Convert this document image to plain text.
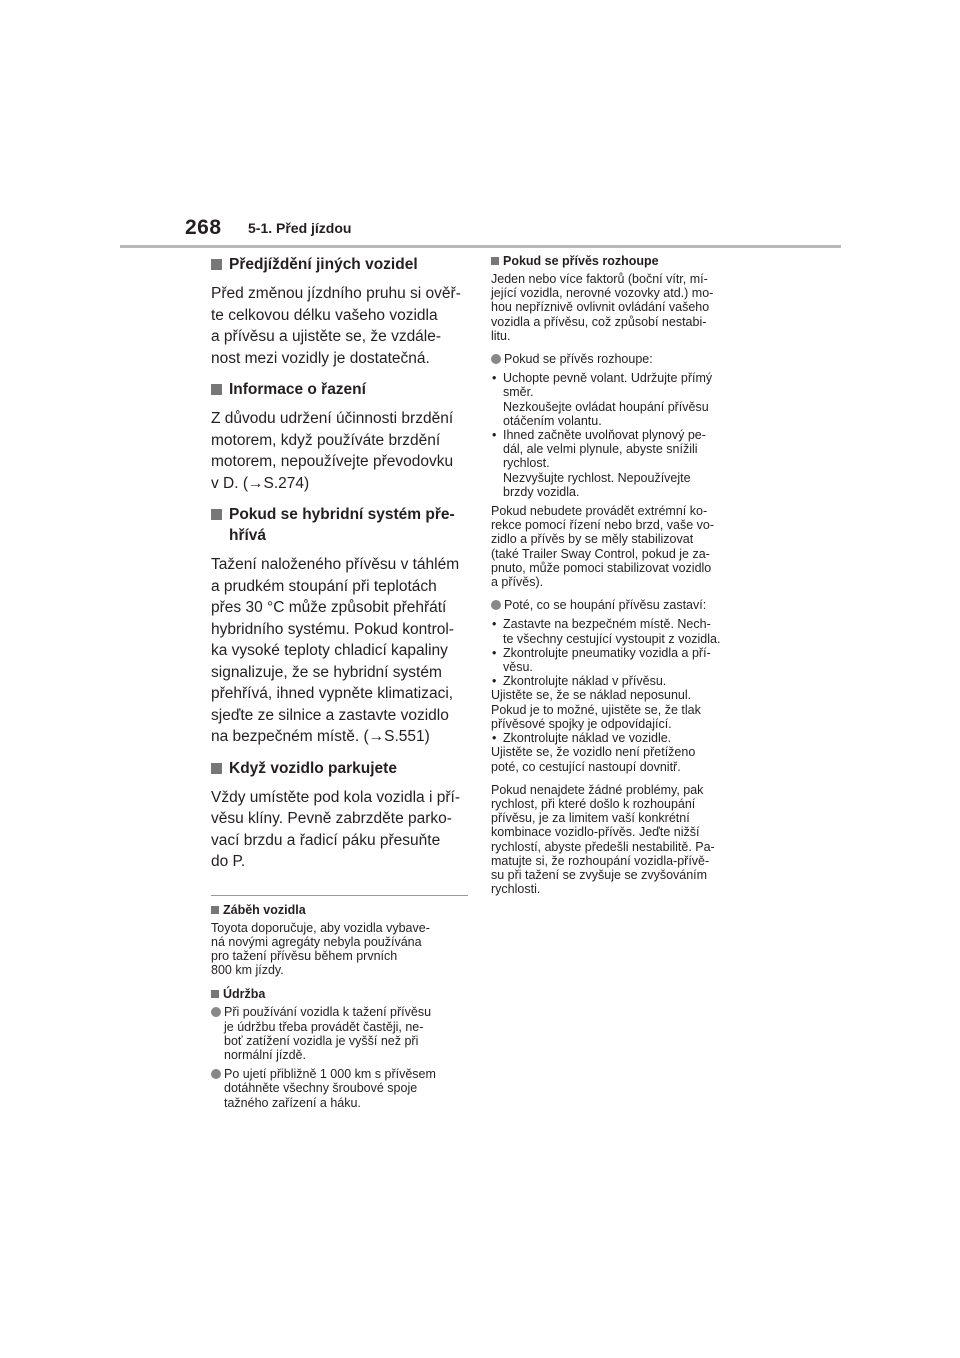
268 5-1. Před jízdou
Předjíždění jiných vozidel
Před změnou jízdního pruhu si ověř-
te celkovou délku vašeho vozidla
a přívěsu a ujistěte se, že vzdále-
nost mezi vozidly je dostatečná.
Informace o řazení
Z důvodu udržení účinnosti brzdění
motorem, když používáte brzdění
motorem, nepoužívejte převodovku
v D. (→S.274)
Pokud se hybridní systém pře-
hřívá
Tažení naloženého přívěsu v táhlém
a prudkém stoupání při teplotách
přes 30 °C může způsobit přehřátí
hybridního systému. Pokud kontrol-
ka vysoké teploty chladicí kapaliny
signalizuje, že se hybridní systém
přehřívá, ihned vypněte klimatizaci,
sjeďte ze silnice a zastavte vozidlo
na bezpečném místě. (→S.551)
Když vozidlo parkujete
Vždy umístěte pod kola vozidla i pří-
věsu klíny. Pevně zabrzděte parko-
vací brzdu a řadicí páku přesuňte
do P.
Záběh vozidla
Toyota doporučuje, aby vozidla vybave-
ná novými agregáty nebyla používána
pro tažení přívěsu během prvních
800 km jízdy.
Údržba
Při používání vozidla k tažení přívěsu
je údržbu třeba provádět častěji, ne-
boť zatížení vozidla je vyšší než při
normální jízdě.
Po ujetí přibližně 1 000 km s přívěsem
dotáhněte všechny šroubové spoje
tažného zařízení a háku.
Pokud se přívěs rozhoupe
Jeden nebo více faktorů (boční vítr, mí-
jející vozidla, nerovné vozovky atd.) mo-
hou nepříznivě ovlivnit ovládání vašeho
vozidla a přívěsu, což způsobí nestabi-
litu.
Pokud se přívěs rozhoupe:
• Uchopte pevně volant. Udržujte přímý
směr.
Nezkoušejte ovládat houpání přívěsu
otáčením volantu.
• Ihned začněte uvolňovat plynový pe-
dál, ale velmi plynule, abyste snížili
rychlost.
Nezvyšujte rychlost. Nepoužívejte
brzdy vozidla.
Pokud nebudete provádět extrémní ko-
rekce pomocí řízení nebo brzd, vaše vo-
zidlo a přívěs by se měly stabilizovat
(také Trailer Sway Control, pokud je za-
pnuto, může pomoci stabilizovat vozidlo
a přívěs).
Poté, co se houpání přívěsu zastaví:
• Zastavte na bezpečném místě. Nech-
te všechny cestující vystoupit z vozidla.
• Zkontrolujte pneumatiky vozidla a pří-
věsu.
• Zkontrolujte náklad v přívěsu.
Ujistěte se, že se náklad neposunul.
Pokud je to možné, ujistěte se, že tlak
přívěsové spojky je odpovídající.
• Zkontrolujte náklad ve vozidle.
Ujistěte se, že vozidlo není přetíženo
poté, co cestující nastoupí dovnitř.
Pokud nenajdete žádné problémy, pak
rychlost, při které došlo k rozhoupání
přívěsu, je za limitem vaší konkrétní
kombinace vozidlo-přívěs. Jeďte nižší
rychlostí, abyste předešli nestabilitě. Pa-
matujte si, že rozhoupání vozidla-přívě-
su při tažení se zvyšuje se zvyšováním
rychlosti.
